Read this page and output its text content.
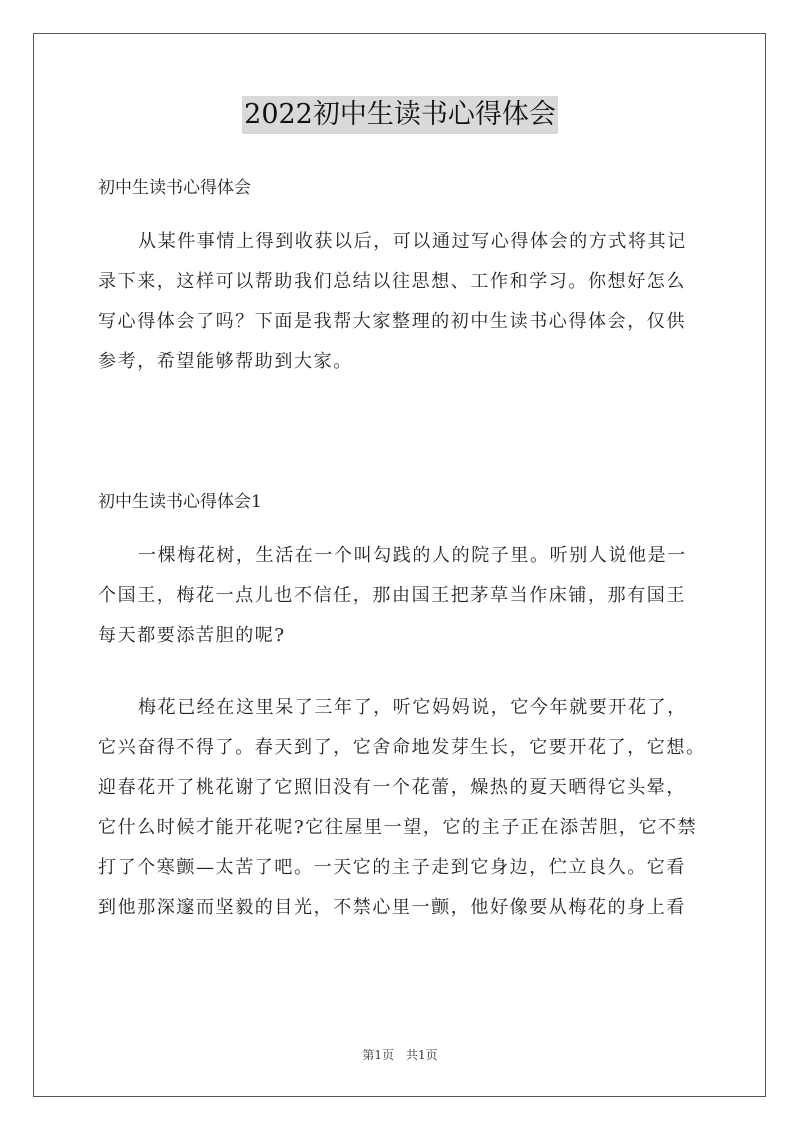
2022初中生读书心得体会
初中生读书心得体会
从某件事情上得到收获以后，可以通过写心得体会的方式将其记
录下来，这样可以帮助我们总结以往思想、工作和学习。你想好怎么
写心得体会了吗？下面是我帮大家整理的初中生读书心得体会，仅供
参考，希望能够帮助到大家。
初中生读书心得体会1
一棵梅花树，生活在一个叫勾践的人的院子里。听别人说他是一
个国王，梅花一点儿也不信任，那由国王把茅草当作床铺，那有国王
每天都要添苦胆的呢?
梅花已经在这里呆了三年了，听它妈妈说，它今年就要开花了，
它兴奋得不得了。春天到了，它舍命地发芽生长，它要开花了，它想。
迎春花开了桃花谢了它照旧没有一个花蕾，燥热的夏天晒得它头晕，
它什么时候才能开花呢?它往屋里一望，它的主子正在添苦胆，它不禁
打了个寒颤—太苦了吧。一天它的主子走到它身边，伫立良久。它看
到他那深邃而坚毅的目光，不禁心里一颤，他好像要从梅花的身上看
第1页　共1页
